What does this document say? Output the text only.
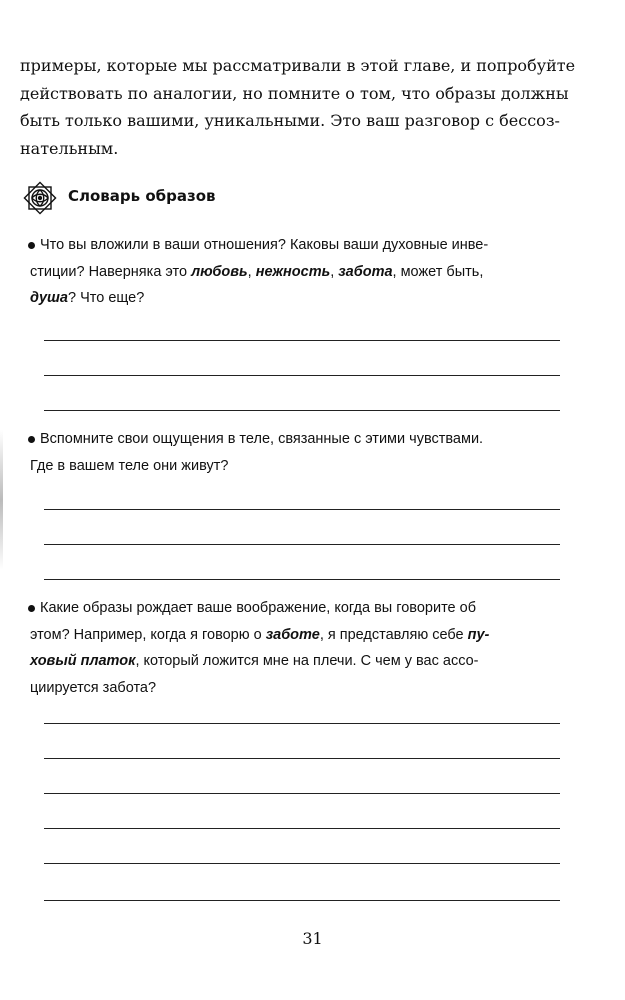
примеры, которые мы рассматривали в этой главе, и попробуйте
действовать по аналогии, но помните о том, что образы должны
быть только вашими, уникальными. Это ваш разговор с бессоз-
нательным.
Словарь образов
Что вы вложили в ваши отношения? Каковы ваши духовные инве-
стиции? Наверняка это любовь, нежность, забота, может быть,
душа? Что еще?
Вспомните свои ощущения в теле, связанные с этими чувствами.
Где в вашем теле они живут?
Какие образы рождает ваше воображение, когда вы говорите об
этом? Например, когда я говорю о заботе, я представляю себе пу-
ховый платок, который ложится мне на плечи. С чем у вас ассо-
циируется забота?
31
